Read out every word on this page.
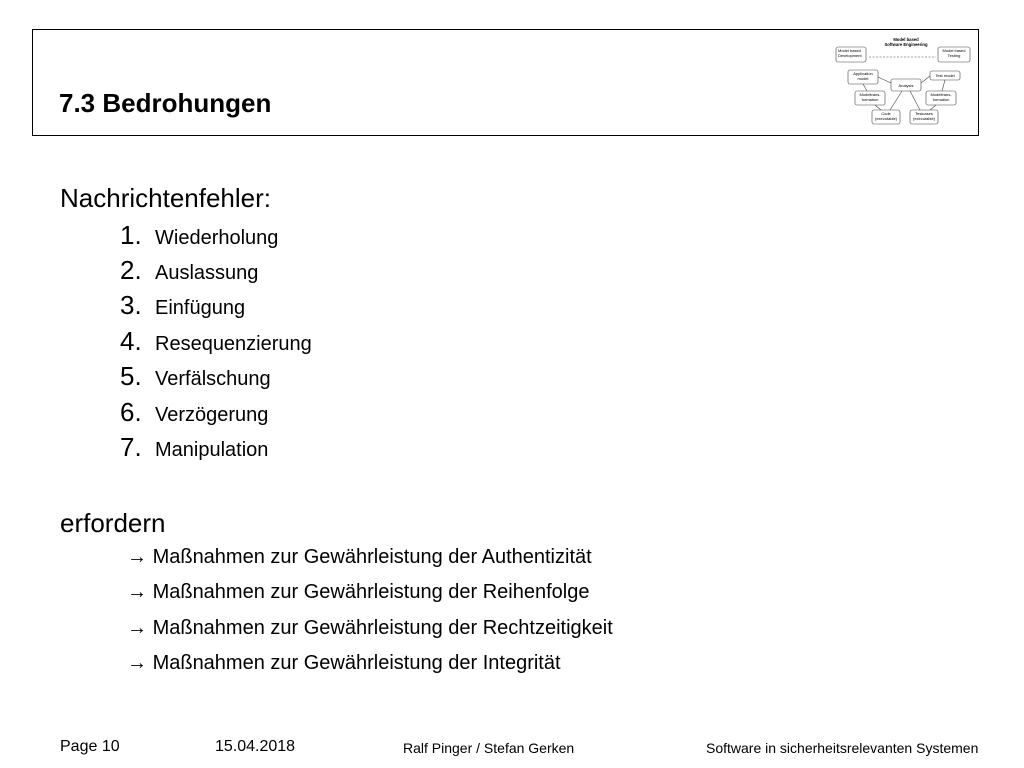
7.3 Bedrohungen
Model based
Software Engineering
Model based
Development
Model based
Testing
Application
model
Test model
Analysis
Modeltrans-
formation
Modeltrans-
formation
Code
(executable)
Testcases
(executable)
Nachrichtenfehler:
1. Wiederholung
2. Auslassung
3. Einfügung
4. Resequenzierung
5. Verfälschung
6. Verzögerung
7. Manipulation
erfordern
→ Maßnahmen zur Gewährleistung der Authentizität
→ Maßnahmen zur Gewährleistung der Reihenfolge
→ Maßnahmen zur Gewährleistung der Rechtzeitigkeit
→ Maßnahmen zur Gewährleistung der Integrität
Page 10	15.04.2018	Ralf Pinger / Stefan Gerken	Software in sicherheitsrelevanten Systemen
